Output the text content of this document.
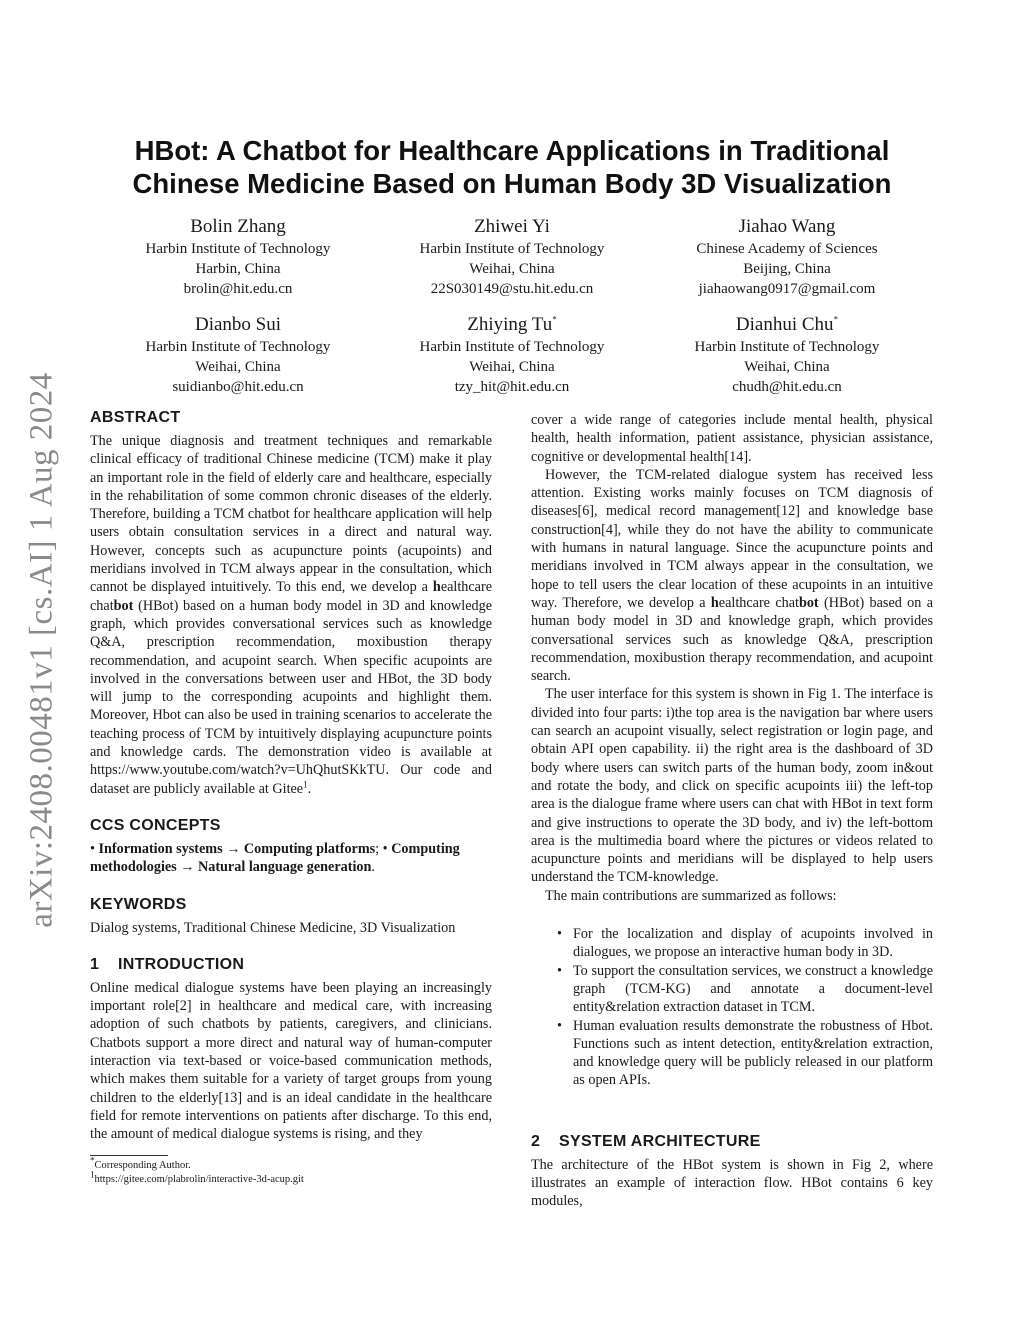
arXiv:2408.00481v1 [cs.AI] 1 Aug 2024
HBot: A Chatbot for Healthcare Applications in Traditional
Chinese Medicine Based on Human Body 3D Visualization
Bolin Zhang
Harbin Institute of Technology
Harbin, China
brolin@hit.edu.cn
Zhiwei Yi
Harbin Institute of Technology
Weihai, China
22S030149@stu.hit.edu.cn
Jiahao Wang
Chinese Academy of Sciences
Beijing, China
jiahaowang0917@gmail.com
Dianbo Sui
Harbin Institute of Technology
Weihai, China
suidianbo@hit.edu.cn
Zhiying Tu*
Harbin Institute of Technology
Weihai, China
tzy_hit@hit.edu.cn
Dianhui Chu*
Harbin Institute of Technology
Weihai, China
chudh@hit.edu.cn
ABSTRACT

The unique diagnosis and treatment techniques and remarkable clinical efficacy of traditional Chinese medicine (TCM) make it play an important role in the field of elderly care and healthcare, especially in the rehabilitation of some common chronic diseases of the elderly. Therefore, building a TCM chatbot for healthcare application will help users obtain consultation services in a direct and natural way. However, concepts such as acupuncture points (acupoints) and meridians involved in TCM always appear in the consultation, which cannot be displayed intuitively. To this end, we develop a healthcare chatbot (HBot) based on a human body model in 3D and knowledge graph, which provides conversational services such as knowledge Q&A, prescription recommendation, moxibustion therapy recommendation, and acupoint search. When specific acupoints are involved in the conversations between user and HBot, the 3D body will jump to the corresponding acupoints and highlight them. Moreover, Hbot can also be used in training scenarios to accelerate the teaching process of TCM by intuitively displaying acupuncture points and knowledge cards. The demonstration video is available at https://www.youtube.com/watch?v=UhQhutSKkTU. Our code and dataset are publicly available at Gitee$^1$.

CCS CONCEPTS

• Information systems → Computing platforms; • Computing methodologies → Natural language generation.

KEYWORDS

Dialog systems, Traditional Chinese Medicine, 3D Visualization

1 INTRODUCTION

Online medical dialogue systems have been playing an increasingly important role[2] in healthcare and medical care, with increasing adoption of such chatbots by patients, caregivers, and clinicians. Chatbots support a more direct and natural way of human-computer interaction via text-based or voice-based communication methods, which makes them suitable for a variety of target groups from young children to the elderly[13] and is an ideal candidate in the healthcare field for remote interventions on patients after discharge. To this end, the amount of medical dialogue systems is rising, and they

*Corresponding Author.
$^1$https://gitee.com/plabrolin/interactive-3d-acup.git

cover a wide range of categories include mental health, physical health, health information, patient assistance, physician assistance, cognitive or developmental health[14].

However, the TCM-related dialogue system has received less attention. Existing works mainly focuses on TCM diagnosis of diseases[6], medical record management[12] and knowledge base construction[4], while they do not have the ability to communicate with humans in natural language. Since the acupuncture points and meridians involved in TCM always appear in the consultation, we hope to tell users the clear location of these acupoints in an intuitive way. Therefore, we develop a healthcare chatbot (HBot) based on a human body model in 3D and knowledge graph, which provides conversational services such as knowledge Q&A, prescription recommendation, moxibustion therapy recommendation, and acupoint search.

The user interface for this system is shown in Fig 1. The interface is divided into four parts: i)the top area is the navigation bar where users can search an acupoint visually, select registration or login page, and obtain API open capability. ii) the right area is the dashboard of 3D body where users can switch parts of the human body, zoom in&out and rotate the body, and click on specific acupoints iii) the left-top area is the dialogue frame where users can chat with HBot in text form and give instructions to operate the 3D body, and iv) the left-bottom area is the multimedia board where the pictures or videos related to acupuncture points and meridians will be displayed to help users understand the TCM-knowledge.

The main contributions are summarized as follows:

• For the localization and display of acupoints involved in dialogues, we propose an interactive human body in 3D.
• To support the consultation services, we construct a knowledge graph (TCM-KG) and annotate a document-level entity&relation extraction dataset in TCM.
• Human evaluation results demonstrate the robustness of Hbot. Functions such as intent detection, entity&relation extraction, and knowledge query will be publicly released in our platform as open APIs.
2 SYSTEM ARCHITECTURE

The architecture of the HBot system is shown in Fig 2, where illustrates an example of interaction flow. HBot contains 6 key modules,
